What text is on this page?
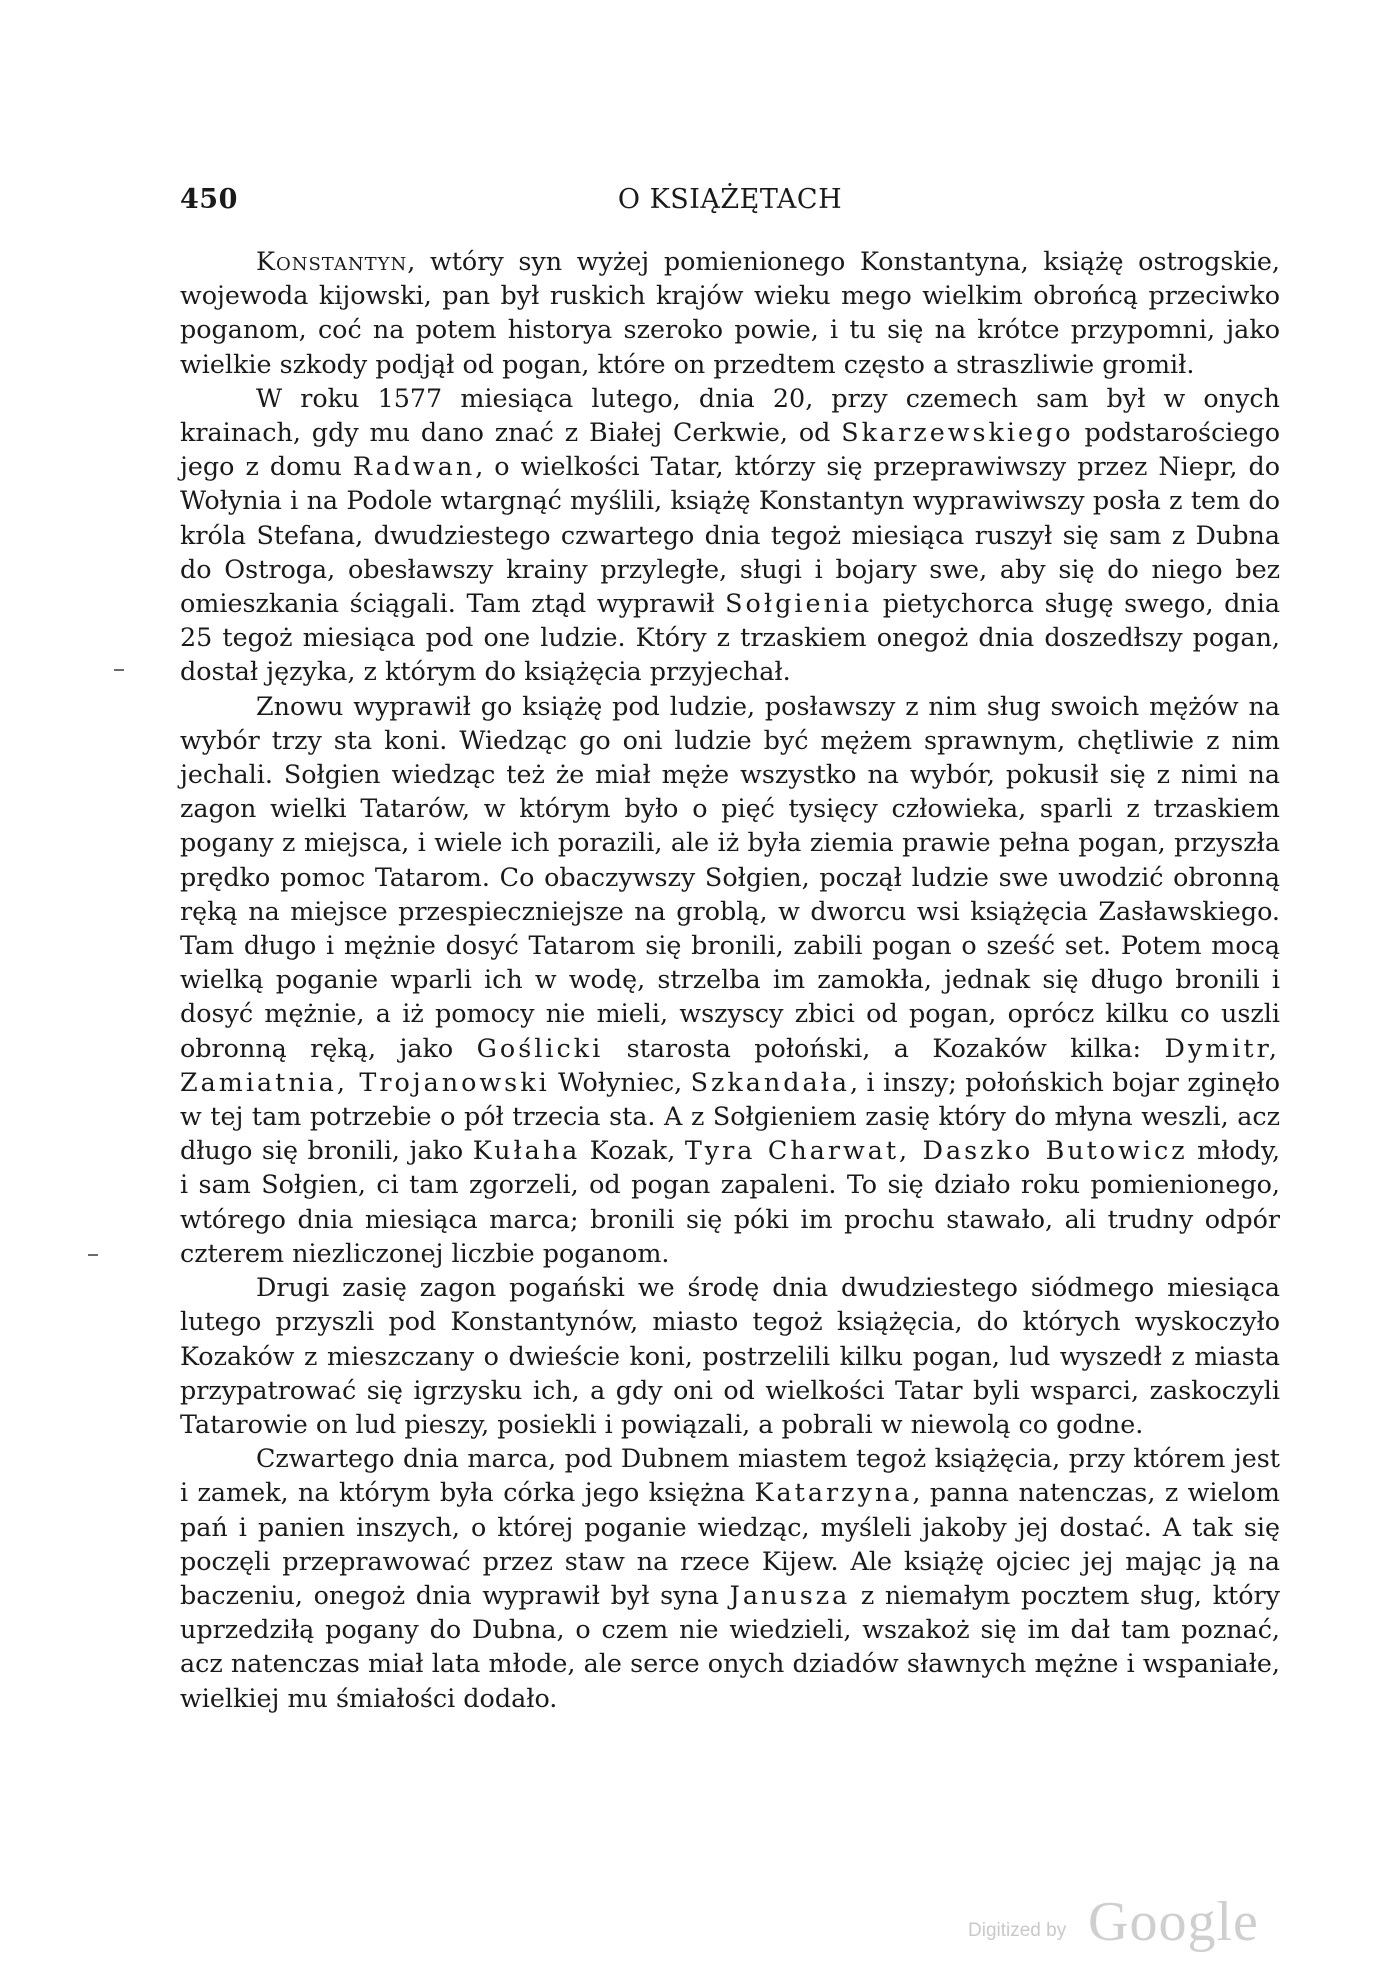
450	O KSIĄŻĘTACH

Konstantyn, wtóry syn wyżej pomienionego Konstantyna, książę ostrogskie, wojewoda kijowski, pan był ruskich krajów wieku mego wielkim obrońcą przeciwko poganom, coć na potem historya szeroko powie, i tu się na krótce przypomni, jako wielkie szkody podjął od pogan, które on przedtem często a straszliwie gromił.

W roku 1577 miesiąca lutego, dnia 20, przy czemech sam był w onych krainach, gdy mu dano znać z Białej Cerkwie, od Skarzewskiego podstarościego jego z domu Radwan, o wielkości Tatar, którzy się przeprawiwszy przez Niepr, do Wołynia i na Podole wtargnąć myślili, książę Konstantyn wyprawiwszy posła z tem do króla Stefana, dwudziestego czwartego dnia tegoż miesiąca ruszył się sam z Dubna do Ostroga, obesławszy krainy przyległe, sługi i bojary swe, aby się do niego bez omieszkania ściągali. Tam ztąd wyprawił Sołgienia pietychorca sługę swego, dnia 25 tegoż miesiąca pod one ludzie. Który z trzaskiem onegoż dnia doszedłszy pogan, dostał języka, z którym do książęcia przyjechał.

Znowu wyprawił go książę pod ludzie, posławszy z nim sług swoich mężów na wybór trzy sta koni. Wiedząc go oni ludzie być mężem sprawnym, chętliwie z nim jechali. Sołgien wiedząc też że miał męże wszystko na wybór, pokusił się z nimi na zagon wielki Tatarów, w którym było o pięć tysięcy człowieka, sparli z trzaskiem pogany z miejsca, i wiele ich porazili, ale iż była ziemia prawie pełna pogan, przyszła prędko pomoc Tatarom. Co obaczywszy Sołgien, począł ludzie swe uwodzić obronną ręką na miejsce przespieczniejsze na groblą, w dworcu wsi książęcia Zasławskiego. Tam długo i mężnie dosyć Tatarom się bronili, zabili pogan o sześć set. Potem mocą wielką poganie wparli ich w wodę, strzelba im zamokła, jednak się długo bronili i dosyć mężnie, a iż pomocy nie mieli, wszyscy zbici od pogan, oprócz kilku co uszli obronną ręką, jako Goślicki starosta połoński, a Kozaków kilka: Dymitr, Zamiatnia, Trojanowski Wołyniec, Szkandała, i inszy; połońskich bojar zginęło w tej tam potrzebie o pół trzecia sta. A z Sołgieniem zasię który do młyna weszli, acz długo się bronili, jako Kułaha Kozak, Tyra Charwat, Daszko Butowicz młody, i sam Sołgien, ci tam zgorzeli, od pogan zapaleni. To się działo roku pomienionego, wtórego dnia miesiąca marca; bronili się póki im prochu stawało, ali trudny odpór czterem niezliczonej liczbie poganom.

Drugi zasię zagon pogański we środę dnia dwudziestego siódmego miesiąca lutego przyszli pod Konstantynów, miasto tegoż książęcia, do których wyskoczyło Kozaków z mieszczany o dwieście koni, postrzelili kilku pogan, lud wyszedł z miasta przypatrować się igrzysku ich, a gdy oni od wielkości Tatar byli wsparci, zaskoczyli Tatarowie on lud pieszy, posiekli i powiązali, a pobrali w niewolą co godne.

Czwartego dnia marca, pod Dubnem miastem tegoż książęcia, przy którem jest i zamek, na którym była córka jego księżna Katarzyna, panna natenczas, z wielom pań i panien inszych, o której poganie wiedząc, myśleli jakoby jej dostać. A tak się poczęli przeprawować przez staw na rzece Kijew. Ale książę ojciec jej mając ją na baczeniu, onegoż dnia wyprawił był syna Janusza z niemałym pocztem sług, który uprzedziłą pogany do Dubna, o czem nie wiedzieli, wszakoż się im dał tam poznać, acz natenczas miał lata młode, ale serce onych dziadów sławnych mężne i wspaniałe, wielkiej mu śmiałości dodało.

Digitized by Google
